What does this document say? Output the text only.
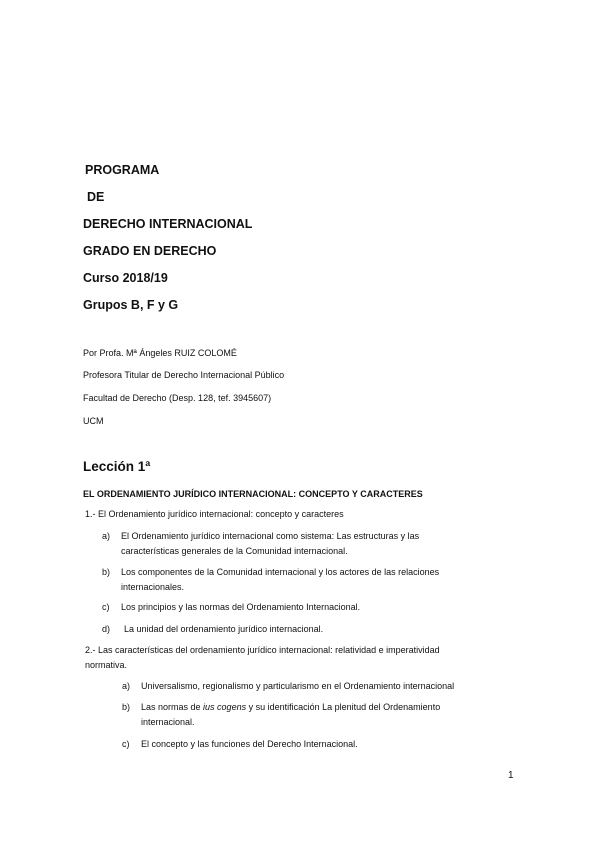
PROGRAMA
DE
DERECHO INTERNACIONAL
GRADO EN DERECHO
Curso 2018/19
Grupos B, F y G
Por Profa. Mª Ángeles RUIZ COLOMÉ
Profesora Titular de Derecho Internacional Público
Facultad de Derecho (Desp. 128, tef. 3945607)
UCM
Lección 1ª
EL ORDENAMIENTO JURÍDICO INTERNACIONAL: CONCEPTO Y CARACTERES
1.- El Ordenamiento jurídico internacional: concepto y caracteres
a) El Ordenamiento jurídico internacional como sistema: Las estructuras y las
características generales de la Comunidad internacional.
b) Los componentes de la Comunidad internacional y los actores de las relaciones
internacionales.
c) Los principios y las normas del Ordenamiento Internacional.
d) La unidad del ordenamiento jurídico internacional.
2.- Las características del ordenamiento jurídico internacional: relatividad e imperatividad
normativa.
a) Universalismo, regionalismo y particularismo en el Ordenamiento internacional
b) Las normas de ius cogens y su identificación La plenitud del Ordenamiento
internacional.
c) El concepto y las funciones del Derecho Internacional.
1
